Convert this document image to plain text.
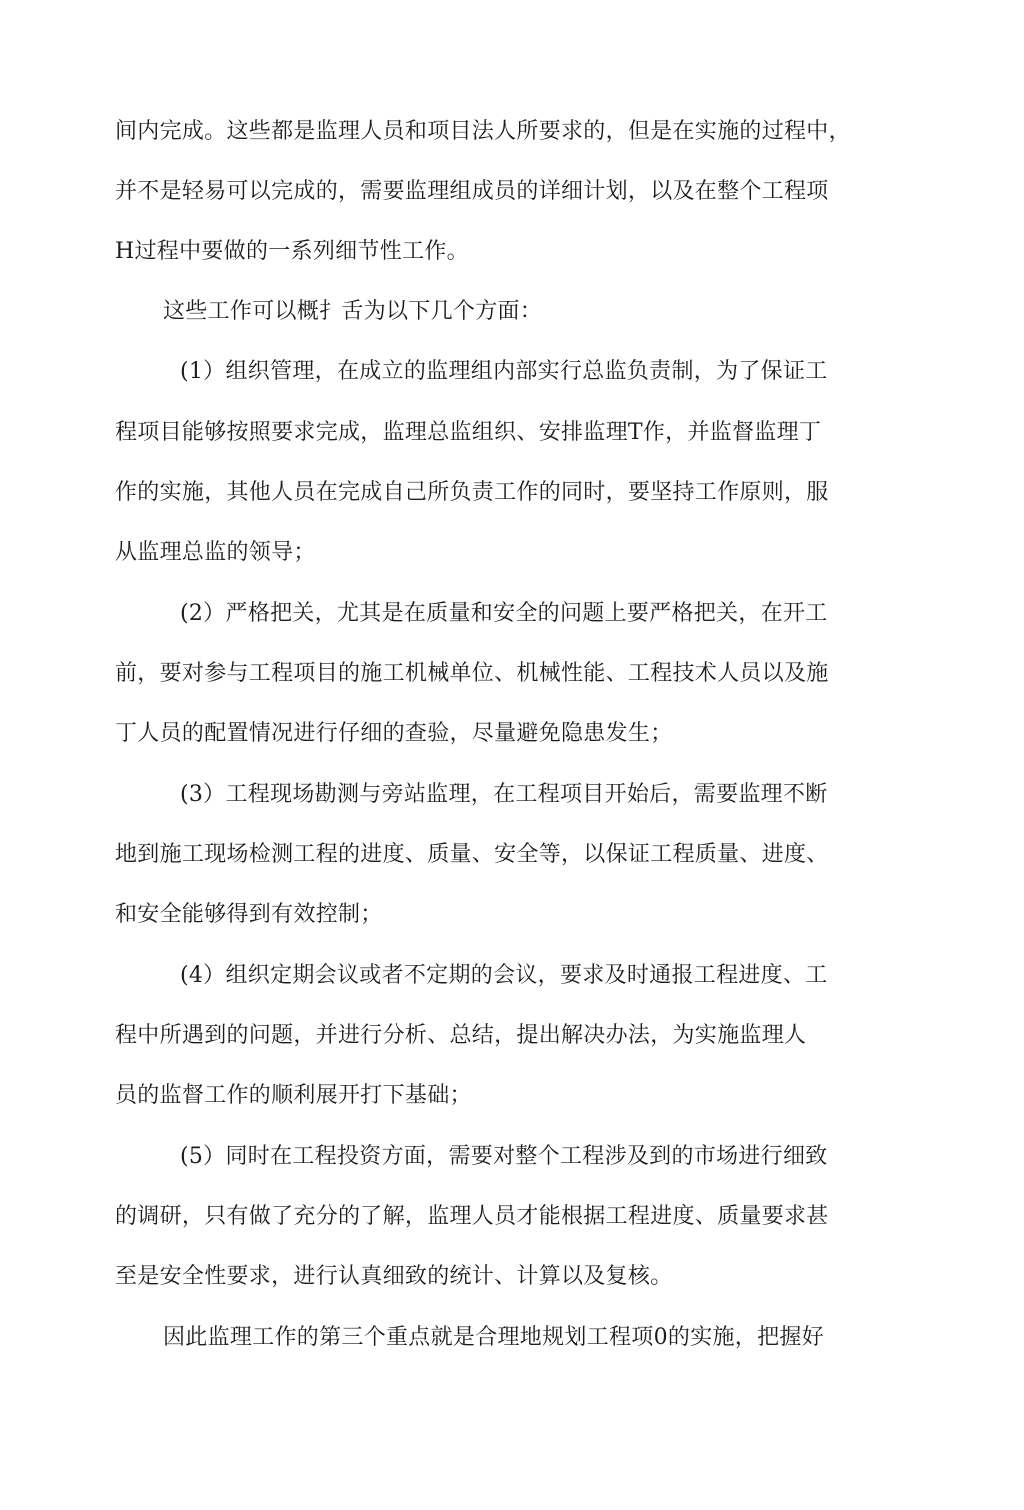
间内完成。这些都是监理人员和项目法人所要求的，但是在实施的过程中，
并不是轻易可以完成的，需要监理组成员的详细计划，以及在整个工程项
H过程中要做的一系列细节性工作。
这些工作可以概扌舌为以下几个方面：
(1）组织管理，在成立的监理组内部实行总监负责制，为了保证工
程项目能够按照要求完成，监理总监组织、安排监理T作，并监督监理丁
作的实施，其他人员在完成自己所负责工作的同时，要坚持工作原则，服
从监理总监的领导；
(2）严格把关，尤其是在质量和安全的问题上要严格把关，在开工
前，要对参与工程项目的施工机械单位、机械性能、工程技术人员以及施
丁人员的配置情况进行仔细的查验，尽量避免隐患发生；
(3）工程现场勘测与旁站监理，在工程项目开始后，需要监理不断
地到施工现场检测工程的进度、质量、安全等，以保证工程质量、进度、
和安全能够得到有效控制；
(4）组织定期会议或者不定期的会议，要求及时通报工程进度、工
程中所遇到的问题，并进行分析、总结，提出解决办法，为实施监理人
员的监督工作的顺利展开打下基础；
(5）同时在工程投资方面，需要对整个工程涉及到的市场进行细致
的调研，只有做了充分的了解，监理人员才能根据工程进度、质量要求甚
至是安全性要求，进行认真细致的统计、计算以及复核。
因此监理工作的第三个重点就是合理地规划工程项0的实施，把握好
